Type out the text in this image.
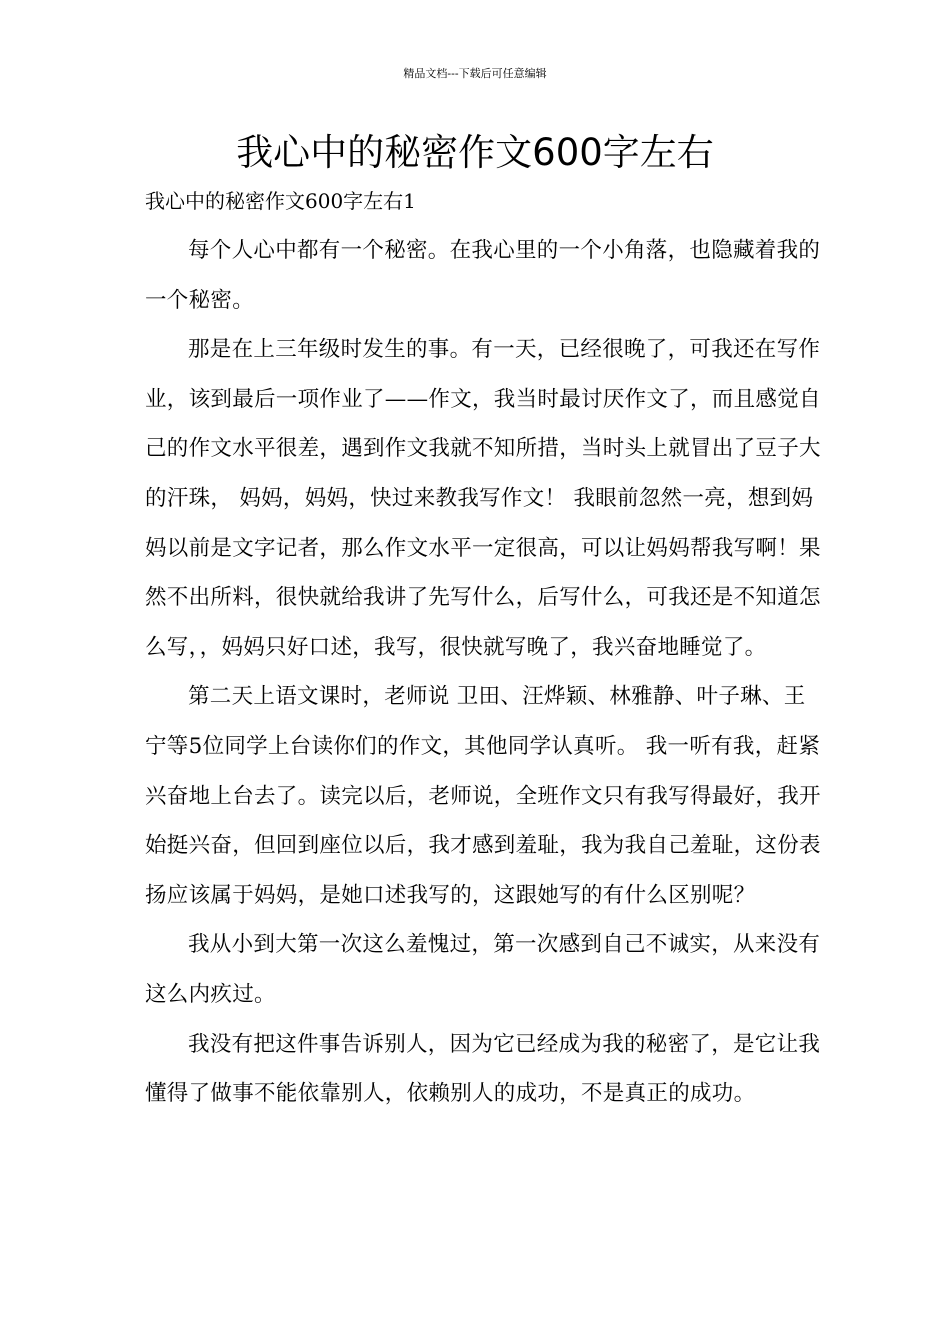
精品文档---下载后可任意编辑
我心中的秘密作文600字左右
我心中的秘密作文600字左右1

每个人心中都有一个秘密。在我心里的一个小角落，也隐藏着我的一个秘密。

那是在上三年级时发生的事。有一天，已经很晚了，可我还在写作业，该到最后一项作业了——作文，我当时最讨厌作文了，而且感觉自己的作文水平很差，遇到作文我就不知所措，当时头上就冒出了豆子大的汗珠， 妈妈，妈妈，快过来教我写作文！ 我眼前忽然一亮，想到妈妈以前是文字记者，那么作文水平一定很高，可以让妈妈帮我写啊！果然不出所料，很快就给我讲了先写什么，后写什么，可我还是不知道怎么写，，妈妈只好口述，我写，很快就写晚了，我兴奋地睡觉了。

第二天上语文课时，老师说 卫田、汪烨颖、林雅静、叶子琳、王宁等5位同学上台读你们的作文，其他同学认真听。 我一听有我，赶紧兴奋地上台去了。读完以后，老师说，全班作文只有我写得最好，我开始挺兴奋，但回到座位以后，我才感到羞耻，我为我自己羞耻，这份表扬应该属于妈妈，是她口述我写的，这跟她写的有什么区别呢？

我从小到大第一次这么羞愧过，第一次感到自己不诚实，从来没有这么内疚过。

我没有把这件事告诉别人，因为它已经成为我的秘密了，是它让我懂得了做事不能依靠别人，依赖别人的成功，不是真正的成功。
